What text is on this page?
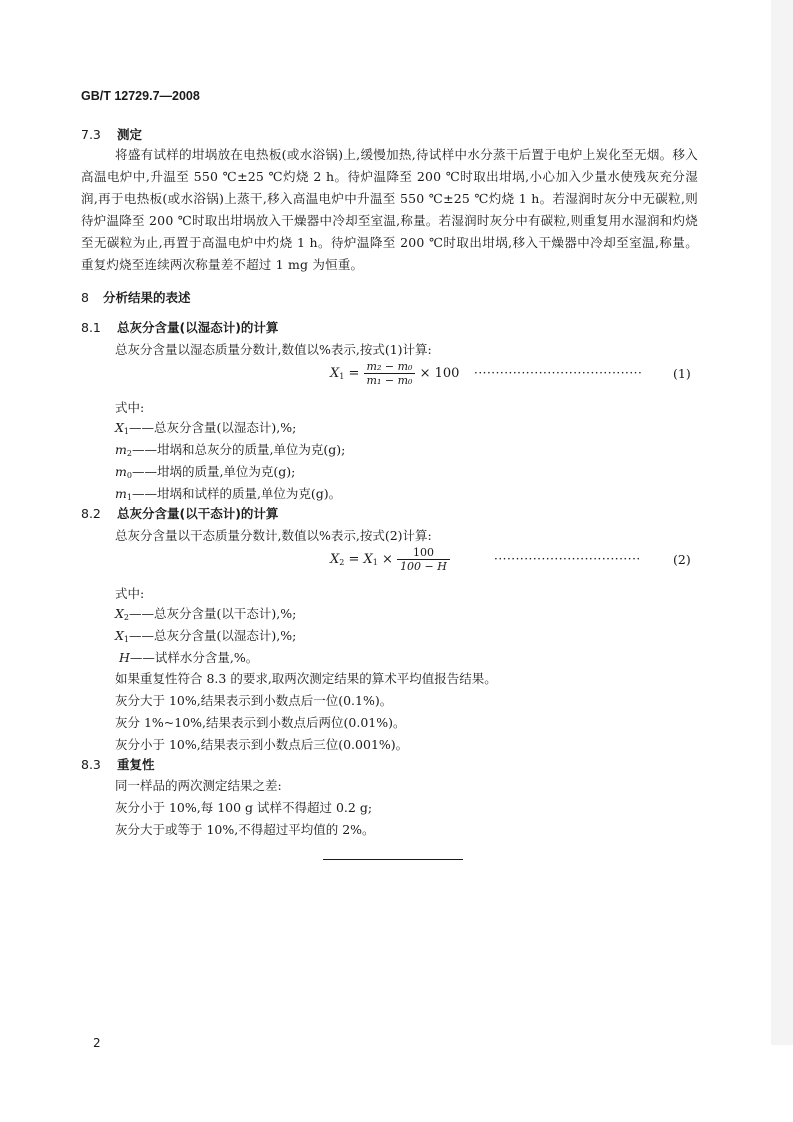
GB/T 12729.7—2008
7.3 测定
将盛有试样的坩埚放在电热板(或水浴锅)上,缓慢加热,待试样中水分蒸干后置于电炉上炭化至无烟。移入高温电炉中,升温至 550 ℃±25 ℃灼烧 2 h。待炉温降至 200 ℃时取出坩埚,小心加入少量水使残灰充分湿润,再于电热板(或水浴锅)上蒸干,移入高温电炉中升温至 550 ℃±25 ℃灼烧 1 h。若湿润时灰分中无碳粒,则待炉温降至 200 ℃时取出坩埚放入干燥器中冷却至室温,称量。若湿润时灰分中有碳粒,则重复用水湿润和灼烧至无碳粒为止,再置于高温电炉中灼烧 1 h。待炉温降至 200 ℃时取出坩埚,移入干燥器中冷却至室温,称量。重复灼烧至连续两次称量差不超过 1 mg 为恒重。
8 分析结果的表述
8.1 总灰分含量(以湿态计)的计算
总灰分含量以湿态质量分数计,数值以%表示,按式(1)计算:
$X_1 = \frac{\text{m₂ − m₀}}{\text{m₁ − m₀}} \times 100$ ······································· (1)
式中:
$X_1——$总灰分含量(以湿态计),%;
$m_2——$坩埚和总灰分的质量,单位为克(g);
$m_0——$坩埚的质量,单位为克(g);
$m_1——$坩埚和试样的质量,单位为克(g)。
8.2 总灰分含量(以干态计)的计算
总灰分含量以干态质量分数计,数值以%表示,按式(2)计算:
$X_2 = X_1 \times \frac{100}{100 - H}$	··································	(2)
式中:
$X_2——$总灰分含量(以干态计),%;
$X_1——$总灰分含量(以湿态计),%;
H——试样水分含量,%。
如果重复性符合 8.3 的要求,取两次测定结果的算术平均值报告结果。
灰分大于 10%,结果表示到小数点后一位(0.1%)。
灰分 1%~10%,结果表示到小数点后两位(0.01%)。
灰分小于 10%,结果表示到小数点后三位(0.001%)。
8.3 重复性
同一样品的两次测定结果之差:
灰分小于 10%,每 100 g 试样不得超过 0.2 g;
灰分大于或等于 10%,不得超过平均值的 2%。
2
